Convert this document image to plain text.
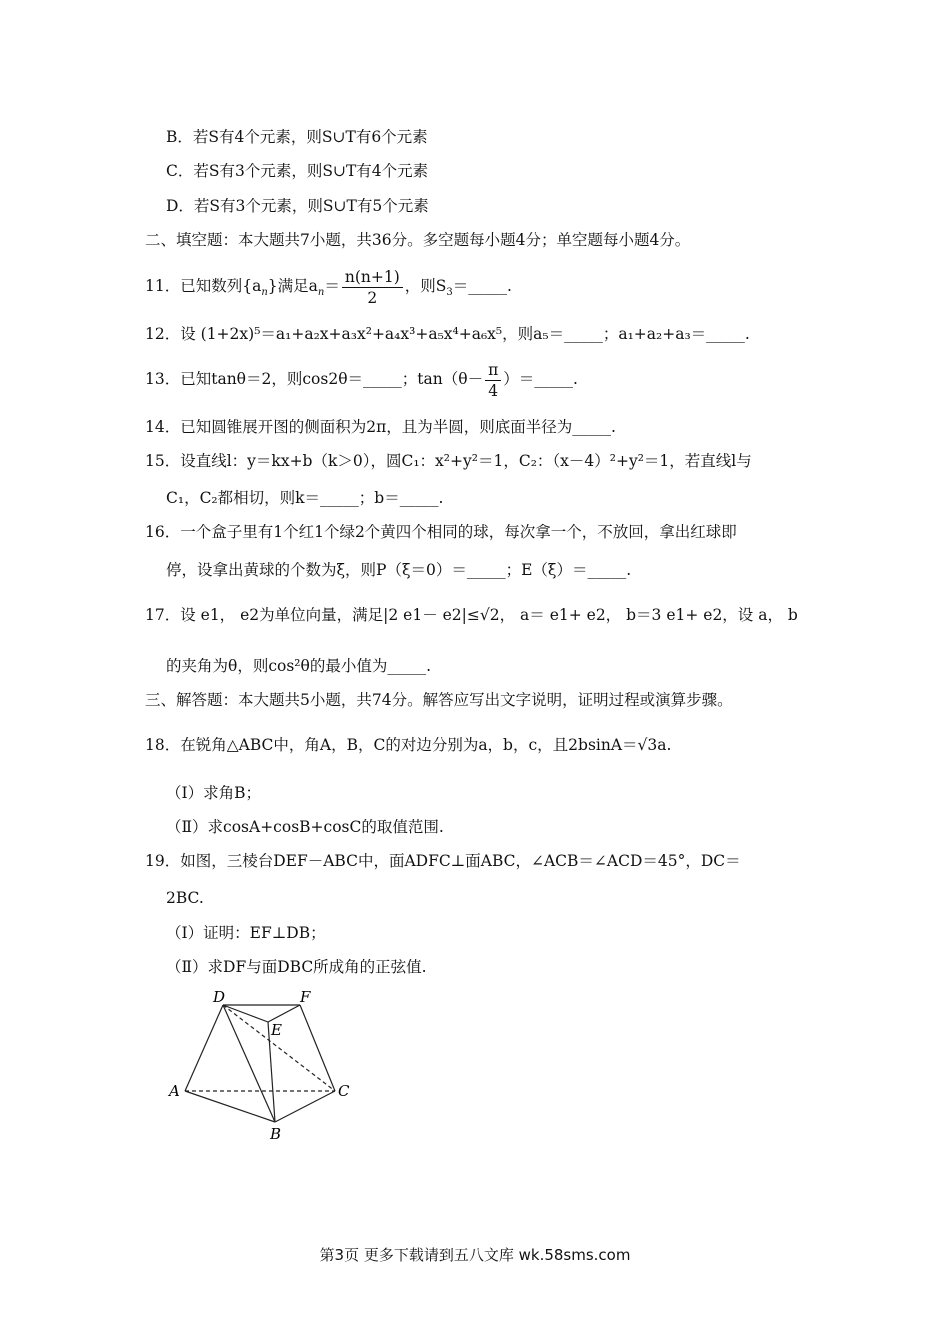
B．若S有4个元素，则S∪T有6个元素
C．若S有3个元素，则S∪T有4个元素
D．若S有3个元素，则S∪T有5个元素
二、填空题：本大题共7小题，共36分。多空题每小题4分；单空题每小题4分。
11．已知数列$\{a_n\}$满足$a_n= \frac{n(n+1)}{2}$ ，则$S_3=\_\_\_\_\_$.
12．设 (1+2x)⁵＝a₁+a₂x+a₃x²+a₄x³+a₅x⁴+a₆x⁵，则a₅＝_____；a₁+a₂+a₃＝_____.
13．已知tanθ＝2，则cos2θ＝_____；$\tan(\theta- \frac{\pi}{4}$ ）＝_____.
14．已知圆锥展开图的侧面积为2π，且为半圆，则底面半径为_____.
15．设直线l：y＝kx+b（k＞0），圆C₁：x²+y²＝1，C₂：（x－4）²+y²＝1，若直线l与
C₁，C₂都相切，则k＝_____；b＝_____.
16．一个盒子里有1个红1个绿2个黄四个相同的球，每次拿一个，不放回，拿出红球即
停，设拿出黄球的个数为ξ，则P（ξ＝0）＝_____；E（ξ）＝_____.
17．设 e1， e2为单位向量，满足|2 e1－ e2|≤√2， a＝ e1+ e2， b＝3 e1+ e2，设 a， b
的夹角为θ，则cos²θ的最小值为_____.
三、解答题：本大题共5小题，共74分。解答应写出文字说明，证明过程或演算步骤。
18．在锐角△ABC中，角A，B，C的对边分别为a，b，c，且2bsinA＝√3a.
（Ⅰ）求角B；
（Ⅱ）求cosA+cosB+cosC的取值范围.
19．如图，三棱台DEF－ABC中，面ADFC⊥面ABC，∠ACB＝∠ACD＝45°，DC＝
2BC.
（Ⅰ）证明：EF⊥DB；
（Ⅱ）求DF与面DBC所成角的正弦值.
D	F
E
A	C
B
第3页 更多下载请到五八文库 wk.58sms.com
